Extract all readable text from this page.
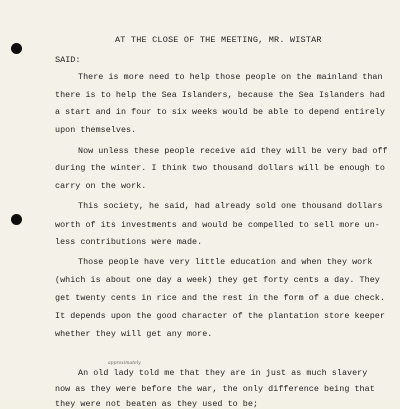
AT THE CLOSE OF THE MEETING, MR. WISTAR
SAID:
There is more need to help those people on the mainland than
there is to help the Sea Islanders, because the Sea Islanders had
a start and in four to six weeks would be able to depend entirely
upon themselves.
Now unless these people receive aid they will be very bad off
during the winter. I think two thousand dollars will be enough to
carry on the work.
This society, he said, had already sold one thousand dollars
worth of its investments and would be compelled to sell more un-
less contributions were made.
Those people have very little education and when they work
(which is about one day a week) they get forty cents a day. They
get twenty cents in rice and the rest in the form of a due check.
It depends upon the good character of the plantation store keeper
whether they will get any more.
approximately
An old lady told me that they are in just as much slavery
now as they were before the war, the only difference being that
they were not beaten as they used to be;
